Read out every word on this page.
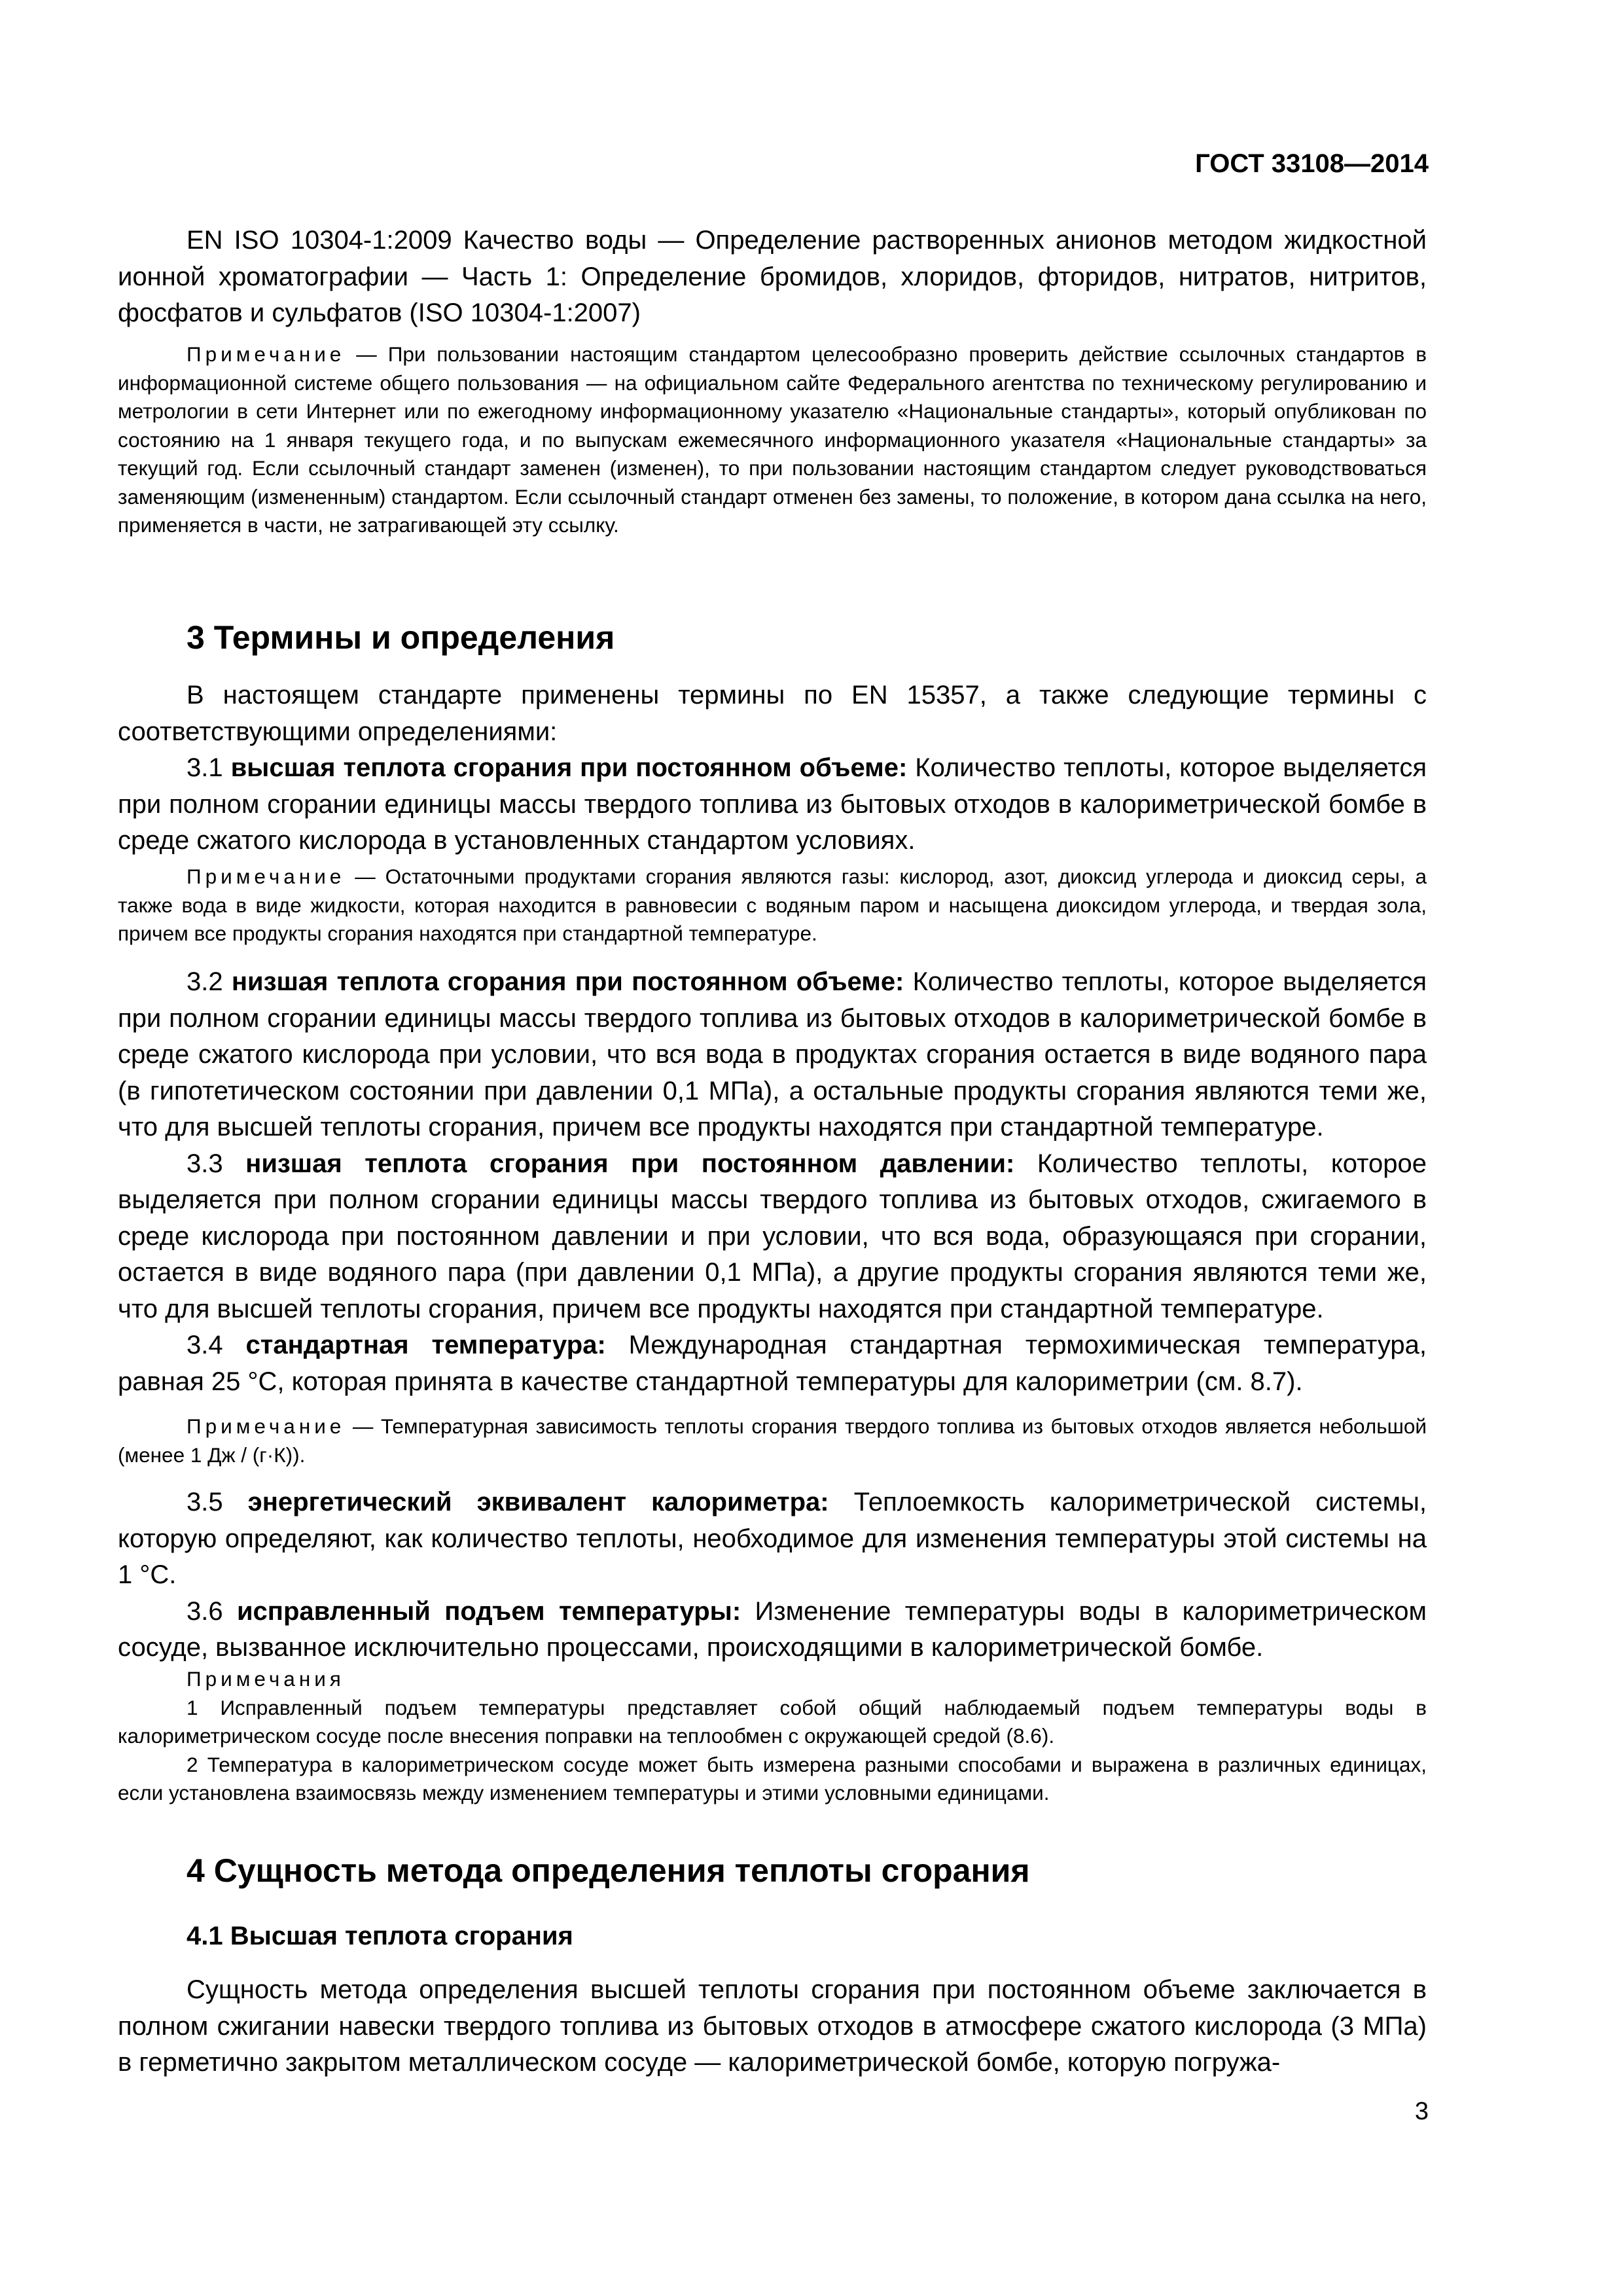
ГОСТ 33108—2014

EN ISO 10304-1:2009 Качество воды — Определение растворенных анионов методом жидкостной ионной хроматографии — Часть 1: Определение бромидов, хлоридов, фторидов, нитратов, нитритов, фосфатов и сульфатов (ISO 10304-1:2007)

Примечание — При пользовании настоящим стандартом целесообразно проверить действие ссылочных стандартов в информационной системе общего пользования — на официальном сайте Федерального агентства по техническому регулированию и метрологии в сети Интернет или по ежегодному информационному указателю «Национальные стандарты», который опубликован по состоянию на 1 января текущего года, и по выпускам ежемесячного информационного указателя «Национальные стандарты» за текущий год. Если ссылочный стандарт заменен (изменен), то при пользовании настоящим стандартом следует руководствоваться заменяющим (измененным) стандартом. Если ссылочный стандарт отменен без замены, то положение, в котором дана ссылка на него, применяется в части, не затрагивающей эту ссылку.

3 Термины и определения

В настоящем стандарте применены термины по EN 15357, а также следующие термины с соответствующими определениями:

3.1 высшая теплота сгорания при постоянном объеме: Количество теплоты, которое выделяется при полном сгорании единицы массы твердого топлива из бытовых отходов в калориметрической бомбе в среде сжатого кислорода в установленных стандартом условиях.

Примечание — Остаточными продуктами сгорания являются газы: кислород, азот, диоксид углерода и диоксид серы, а также вода в виде жидкости, которая находится в равновесии с водяным паром и насыщена диоксидом углерода, и твердая зола, причем все продукты сгорания находятся при стандартной температуре.

3.2 низшая теплота сгорания при постоянном объеме: Количество теплоты, которое выделяется при полном сгорании единицы массы твердого топлива из бытовых отходов в калориметрической бомбе в среде сжатого кислорода при условии, что вся вода в продуктах сгорания остается в виде водяного пара (в гипотетическом состоянии при давлении 0,1 МПа), а остальные продукты сгорания являются теми же, что для высшей теплоты сгорания, причем все продукты находятся при стандартной температуре.

3.3 низшая теплота сгорания при постоянном давлении: Количество теплоты, которое выделяется при полном сгорании единицы массы твердого топлива из бытовых отходов, сжигаемого в среде кислорода при постоянном давлении и при условии, что вся вода, образующаяся при сгорании, остается в виде водяного пара (при давлении 0,1 МПа), а другие продукты сгорания являются теми же, что для высшей теплоты сгорания, причем все продукты находятся при стандартной температуре.

3.4 стандартная температура: Международная стандартная термохимическая температура, равная 25 °С, которая принята в качестве стандартной температуры для калориметрии (см. 8.7).

Примечание — Температурная зависимость теплоты сгорания твердого топлива из бытовых отходов является небольшой (менее 1 Дж / (г·К)).

3.5 энергетический эквивалент калориметра: Теплоемкость калориметрической системы, которую определяют, как количество теплоты, необходимое для изменения температуры этой системы на 1 °С.

3.6 исправленный подъем температуры: Изменение температуры воды в калориметрическом сосуде, вызванное исключительно процессами, происходящими в калориметрической бомбе.

Примечания

1 Исправленный подъем температуры представляет собой общий наблюдаемый подъем температуры воды в калориметрическом сосуде после внесения поправки на теплообмен с окружающей средой (8.6).

2 Температура в калориметрическом сосуде может быть измерена разными способами и выражена в различных единицах, если установлена взаимосвязь между изменением температуры и этими условными единицами.

4 Сущность метода определения теплоты сгорания
4.1 Высшая теплота сгорания

Сущность метода определения высшей теплоты сгорания при постоянном объеме заключается в полном сжигании навески твердого топлива из бытовых отходов в атмосфере сжатого кислорода (3 МПа) в герметично закрытом металлическом сосуде — калориметрической бомбе, которую погружа-

3
